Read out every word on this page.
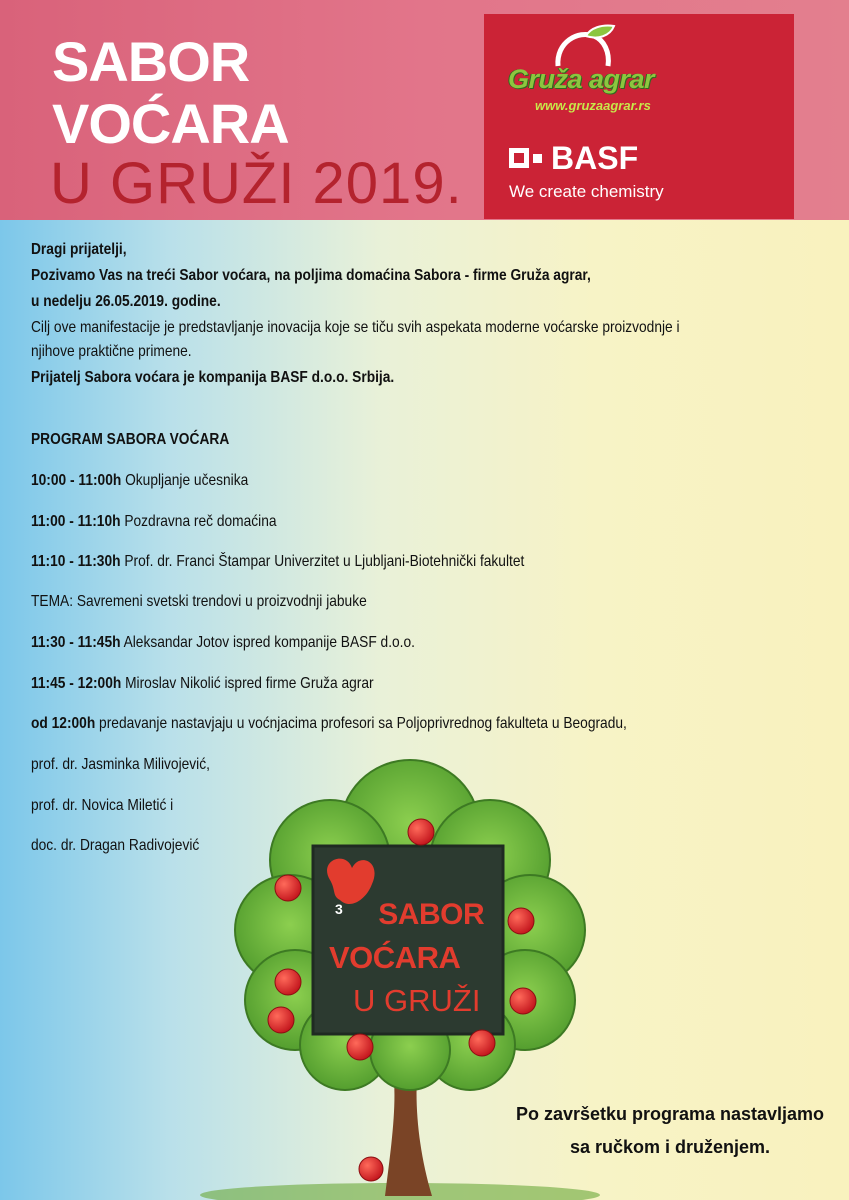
SABOR
VOĆARA
U GRUŽI 2019.
Gruža agrar
www.gruzaagrar.rs
BASF
We create chemistry
Dragi prijatelji,
Pozivamo Vas na treći Sabor voćara, na poljima domaćina Sabora - firme Gruža agrar,
u nedelju 26.05.2019. godine.
Cilj ove manifestacije je predstavljanje inovacija koje se tiču svih aspekata moderne voćarske proizvodnje i
njihove praktične primene.
Prijatelj Sabora voćara je kompanija BASF d.o.o. Srbija.
PROGRAM SABORA VOĆARA
10:00 - 11:00h Okupljanje učesnika
11:00 - 11:10h Pozdravna reč domaćina
11:10 - 11:30h Prof. dr. Franci Štampar Univerzitet u Ljubljani-Biotehnički fakultet
TEMA: Savremeni svetski trendovi u proizvodnji jabuke
11:30 - 11:45h Aleksandar Jotov ispred kompanije BASF d.o.o.
11:45 - 12:00h Miroslav Nikolić ispred firme Gruža agrar
od 12:00h predavanje nastavjaju u voćnjacima profesori sa Poljoprivrednog fakulteta u Beogradu,
prof. dr. Jasminka Milivojević,
prof. dr. Novica Miletić i
doc. dr. Dragan Radivojević
$^3$ SABOR
VOĆARA
U GRUŽI
Po završetku programa nastavljamo
sa ručkom i druženjem.
